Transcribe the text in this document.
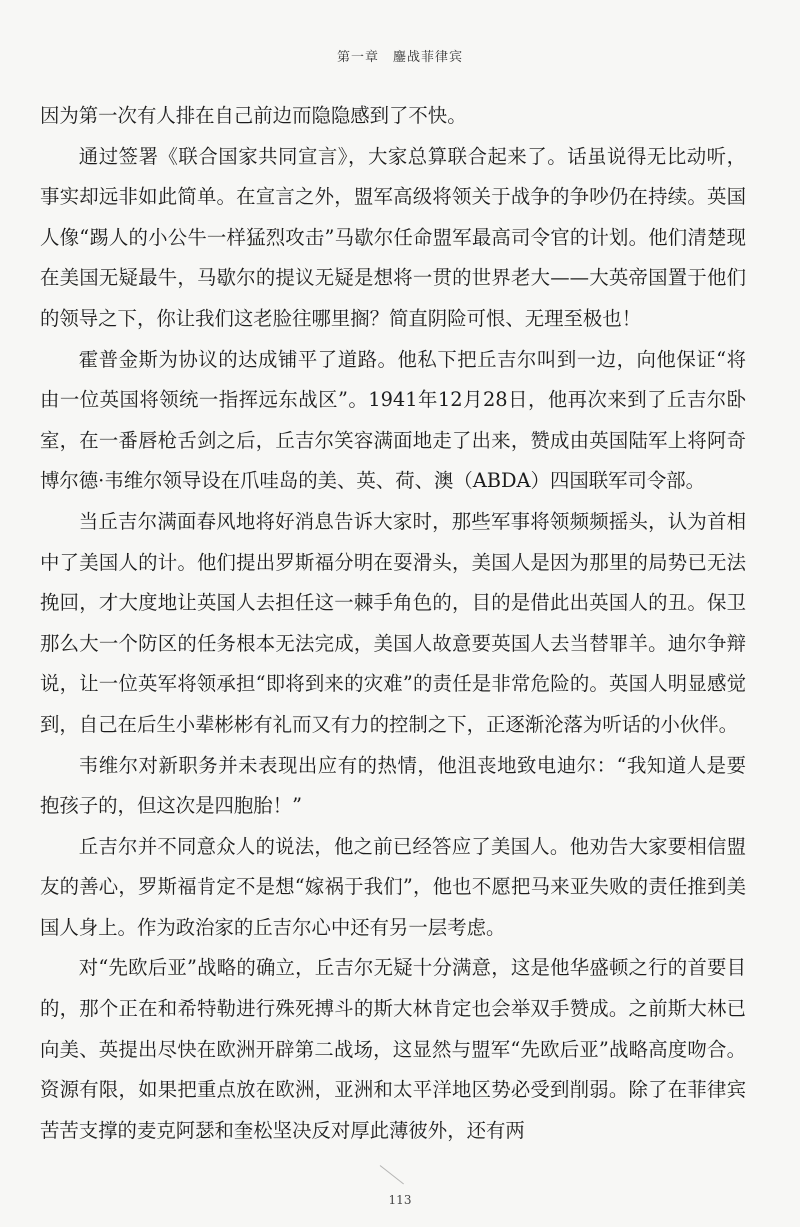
第一章　鏖战菲律宾

因为第一次有人排在自己前边而隐隐感到了不快。

通过签署《联合国家共同宣言》，大家总算联合起来了。话虽说得无比动听，事实却远非如此简单。在宣言之外，盟军高级将领关于战争的争吵仍在持续。英国人像“踢人的小公牛一样猛烈攻击”马歇尔任命盟军最高司令官的计划。他们清楚现在美国无疑最牛，马歇尔的提议无疑是想将一贯的世界老大——大英帝国置于他们的领导之下，你让我们这老脸往哪里搁？简直阴险可恨、无理至极也！

霍普金斯为协议的达成铺平了道路。他私下把丘吉尔叫到一边，向他保证“将由一位英国将领统一指挥远东战区”。1941年12月28日，他再次来到了丘吉尔卧室，在一番唇枪舌剑之后，丘吉尔笑容满面地走了出来，赞成由英国陆军上将阿奇博尔德·韦维尔领导设在爪哇岛的美、英、荷、澳（ABDA）四国联军司令部。

当丘吉尔满面春风地将好消息告诉大家时，那些军事将领频频摇头，认为首相中了美国人的计。他们提出罗斯福分明在耍滑头，美国人是因为那里的局势已无法挽回，才大度地让英国人去担任这一棘手角色的，目的是借此出英国人的丑。保卫那么大一个防区的任务根本无法完成，美国人故意要英国人去当替罪羊。迪尔争辩说，让一位英军将领承担“即将到来的灾难”的责任是非常危险的。英国人明显感觉到，自己在后生小辈彬彬有礼而又有力的控制之下，正逐渐沦落为听话的小伙伴。

韦维尔对新职务并未表现出应有的热情，他沮丧地致电迪尔：“我知道人是要抱孩子的，但这次是四胞胎！”

丘吉尔并不同意众人的说法，他之前已经答应了美国人。他劝告大家要相信盟友的善心，罗斯福肯定不是想“嫁祸于我们”，他也不愿把马来亚失败的责任推到美国人身上。作为政治家的丘吉尔心中还有另一层考虑。

对“先欧后亚”战略的确立，丘吉尔无疑十分满意，这是他华盛顿之行的首要目的，那个正在和希特勒进行殊死搏斗的斯大林肯定也会举双手赞成。之前斯大林已向美、英提出尽快在欧洲开辟第二战场，这显然与盟军“先欧后亚”战略高度吻合。资源有限，如果把重点放在欧洲，亚洲和太平洋地区势必受到削弱。除了在菲律宾苦苦支撑的麦克阿瑟和奎松坚决反对厚此薄彼外，还有两

113
